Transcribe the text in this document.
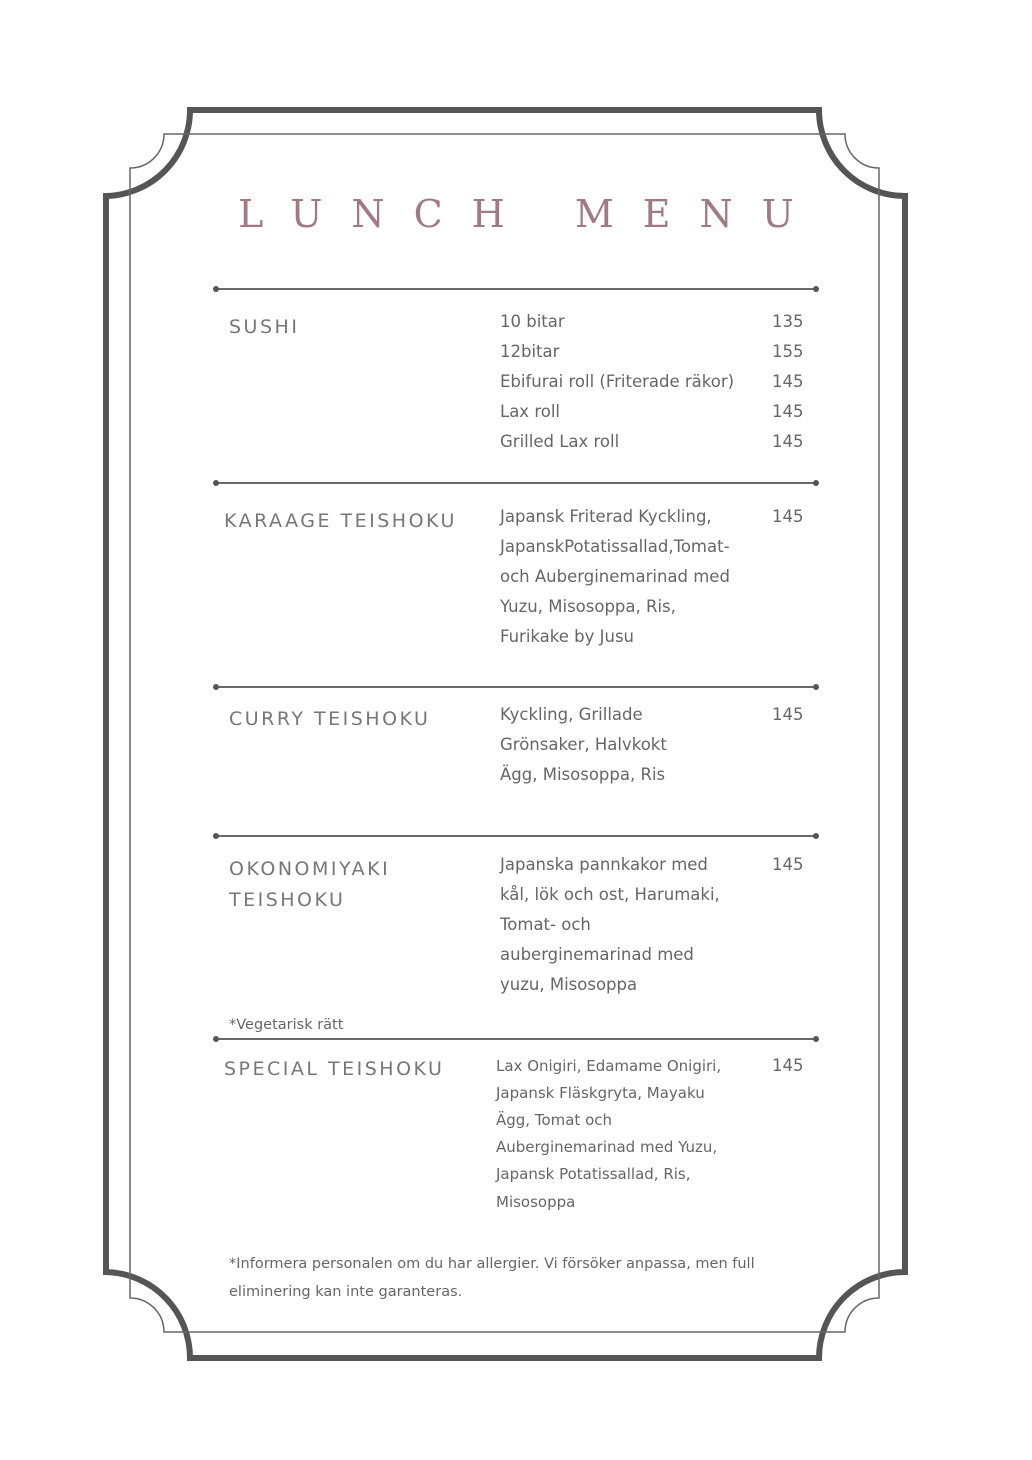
LUNCH MENU
SUSHI	10 bitar	135
12bitar	155
Ebifurai roll (Friterade räkor)	145
Lax roll	145
Grilled Lax roll	145
KARAAGE TEISHOKU	Japansk Friterad Kyckling,
JapanskPotatissallad,Tomat-
och Auberginemarinad med
Yuzu, Misosoppa, Ris,
Furikake by Jusu
145
CURRY TEISHOKU	Kyckling, Grillade
Grönsaker, Halvkokt
Ägg, Misosoppa, Ris
145
OKONOMIYAKI
TEISHOKU
Japanska pannkakor med
kål, lök och ost, Harumaki,
Tomat- och
auberginemarinad med
yuzu, Misosoppa
145
*Vegetarisk rätt
SPECIAL TEISHOKU	Lax Onigiri, Edamame Onigiri,
Japansk Fläskgryta, Mayaku
Ägg, Tomat och
Auberginemarinad med Yuzu,
Japansk Potatissallad, Ris,
Misosoppa
145
*Informera personalen om du har allergier. Vi försöker anpassa, men full
eliminering kan inte garanteras.
